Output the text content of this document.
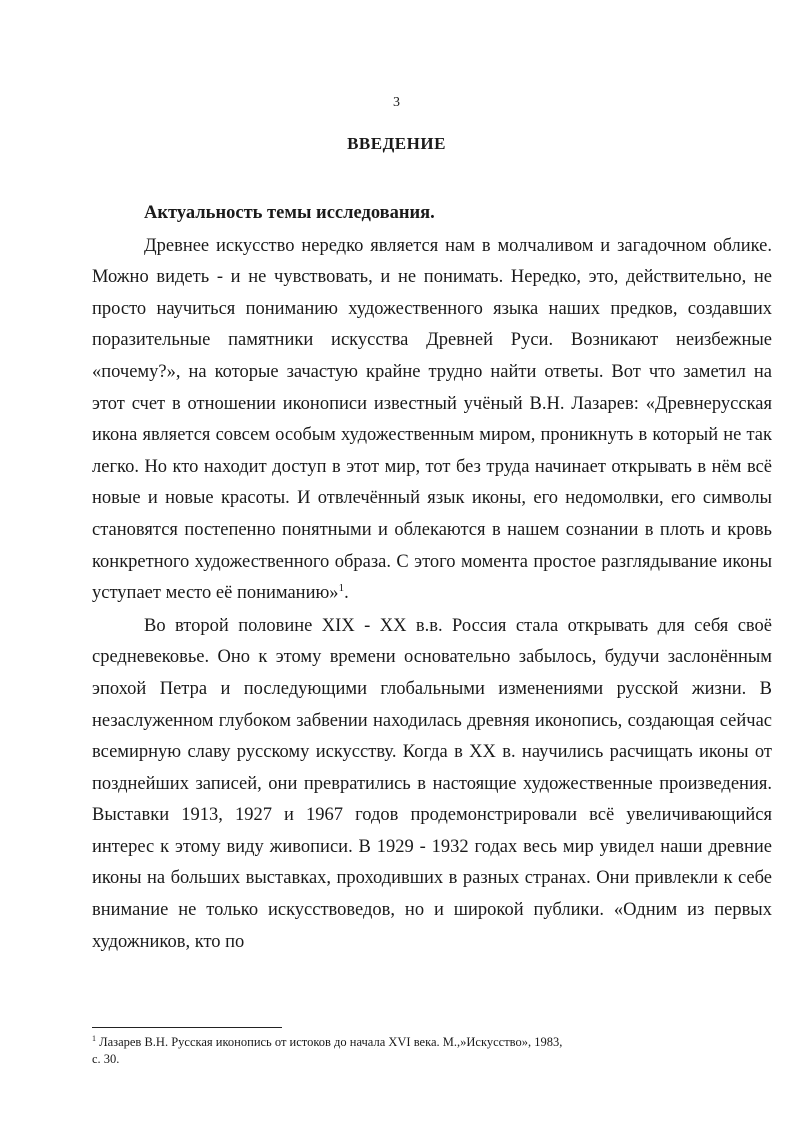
3
ВВЕДЕНИЕ
Актуальность темы исследования.

Древнее искусство нередко является нам в молчаливом и загадочном облике. Можно видеть - и не чувствовать, и не понимать. Нередко, это, действительно, не просто научиться пониманию художественного языка наших предков, создавших поразительные памятники искусства Древней Руси. Возникают неизбежные «почему?», на которые зачастую крайне трудно найти ответы. Вот что заметил на этот счет в отношении иконописи известный учёный В.Н. Лазарев: «Древнерусская икона является совсем особым художественным миром, проникнуть в который не так легко. Но кто находит доступ в этот мир, тот без труда начинает открывать в нём всё новые и новые красоты. И отвлечённый язык иконы, его недомолвки, его символы становятся постепенно понятными и облекаются в нашем сознании в плоть и кровь конкретного художественного образа. С этого момента простое разглядывание иконы уступает место её пониманию»$^1$.

Во второй половине XIX - XX в.в. Россия стала открывать для себя своё средневековье. Оно к этому времени основательно забылось, будучи заслонённым эпохой Петра и последующими глобальными изменениями русской жизни. В незаслуженном глубоком забвении находилась древняя иконопись, создающая сейчас всемирную славу русскому искусству. Когда в XX в. научились расчищать иконы от позднейших записей, они превратились в настоящие художественные произведения. Выставки 1913, 1927 и 1967 годов продемонстрировали всё увеличивающийся интерес к этому виду живописи. В 1929 - 1932 годах весь мир увидел наши древние иконы на больших выставках, проходивших в разных странах. Они привлекли к себе внимание не только искусствоведов, но и широкой публики. «Одним из первых художников, кто по

$^1$ Лазарев В.Н. Русская иконопись от истоков до начала XVI века. М.,»Искусство», 1983,
с. 30.
